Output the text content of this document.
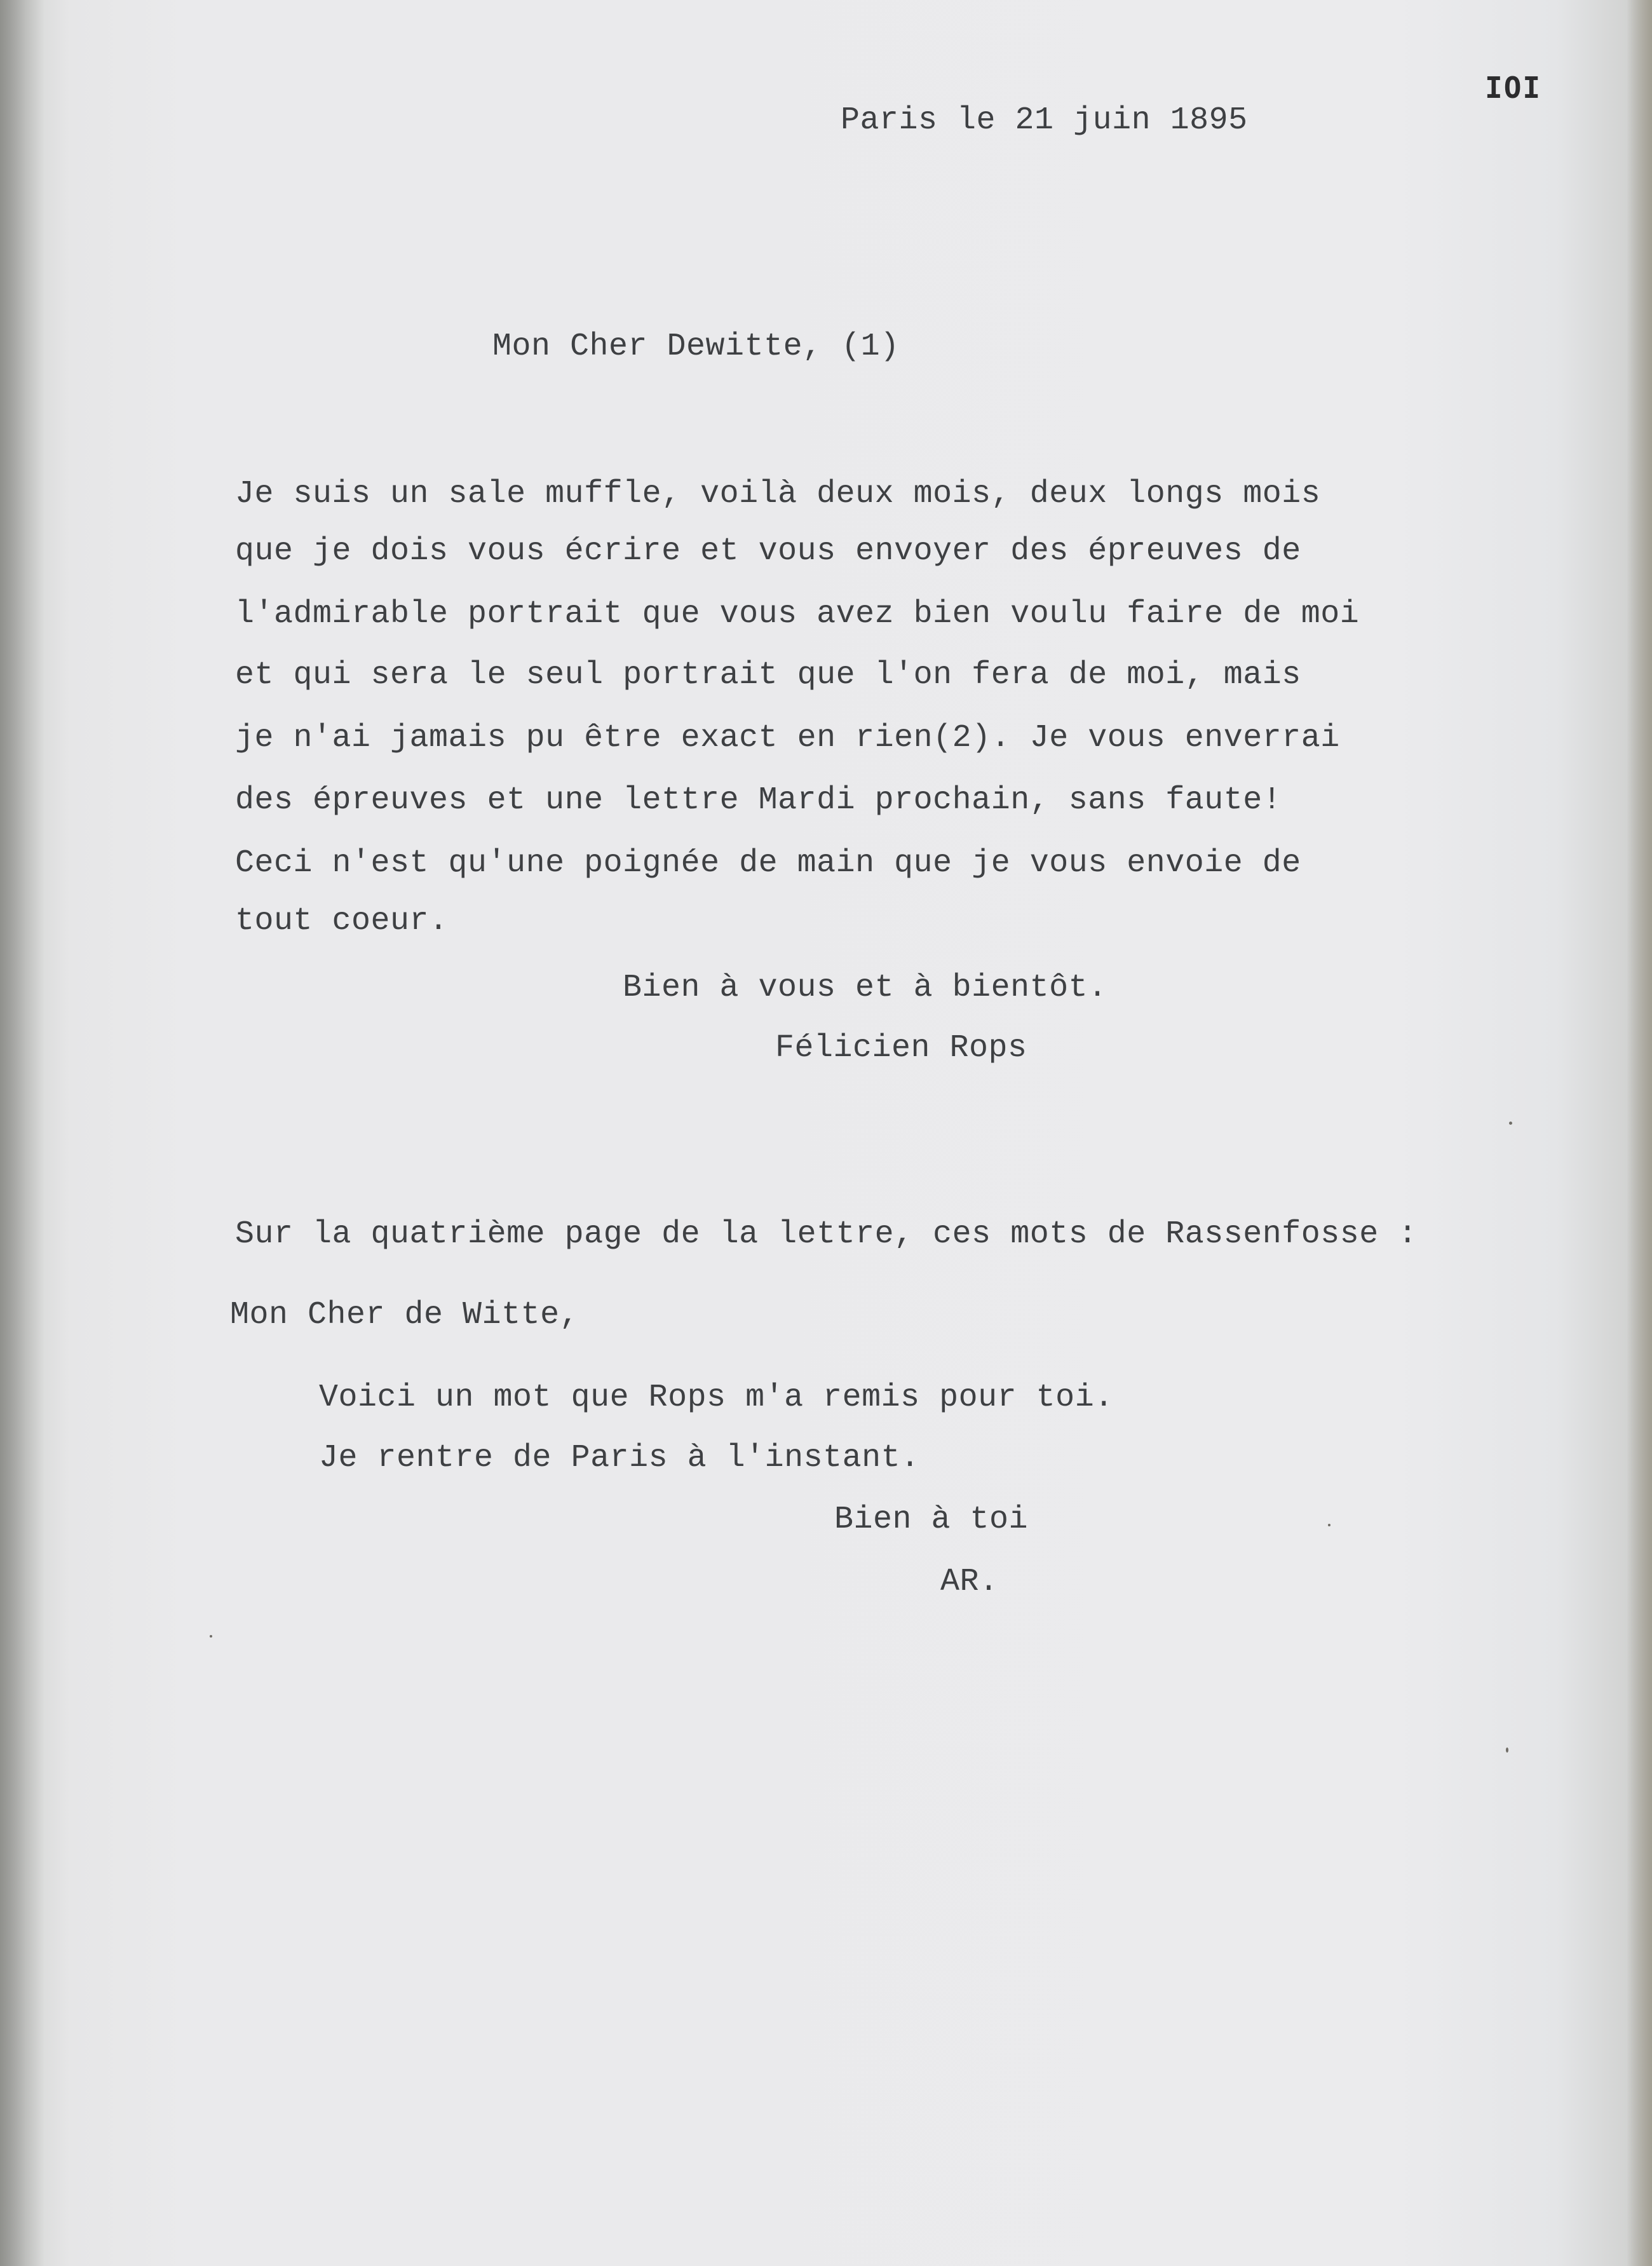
IOI
Paris le 21 juin 1895
Mon Cher Dewitte, (1)
Je suis un sale muffle, voilà deux mois, deux longs mois
que je dois vous écrire et vous envoyer des épreuves de
l'admirable portrait que vous avez bien voulu faire de moi
et qui sera le seul portrait que l'on fera de moi, mais
je n'ai jamais pu être exact en rien(2). Je vous enverrai
des épreuves et une lettre Mardi prochain, sans faute!
Ceci n'est qu'une poignée de main que je vous envoie de
tout coeur.
Bien à vous et à bientôt.
Félicien Rops
Sur la quatrième page de la lettre, ces mots de Rassenfosse :
Mon Cher de Witte,
Voici un mot que Rops m'a remis pour toi.
Je rentre de Paris à l'instant.
Bien à toi
AR.
